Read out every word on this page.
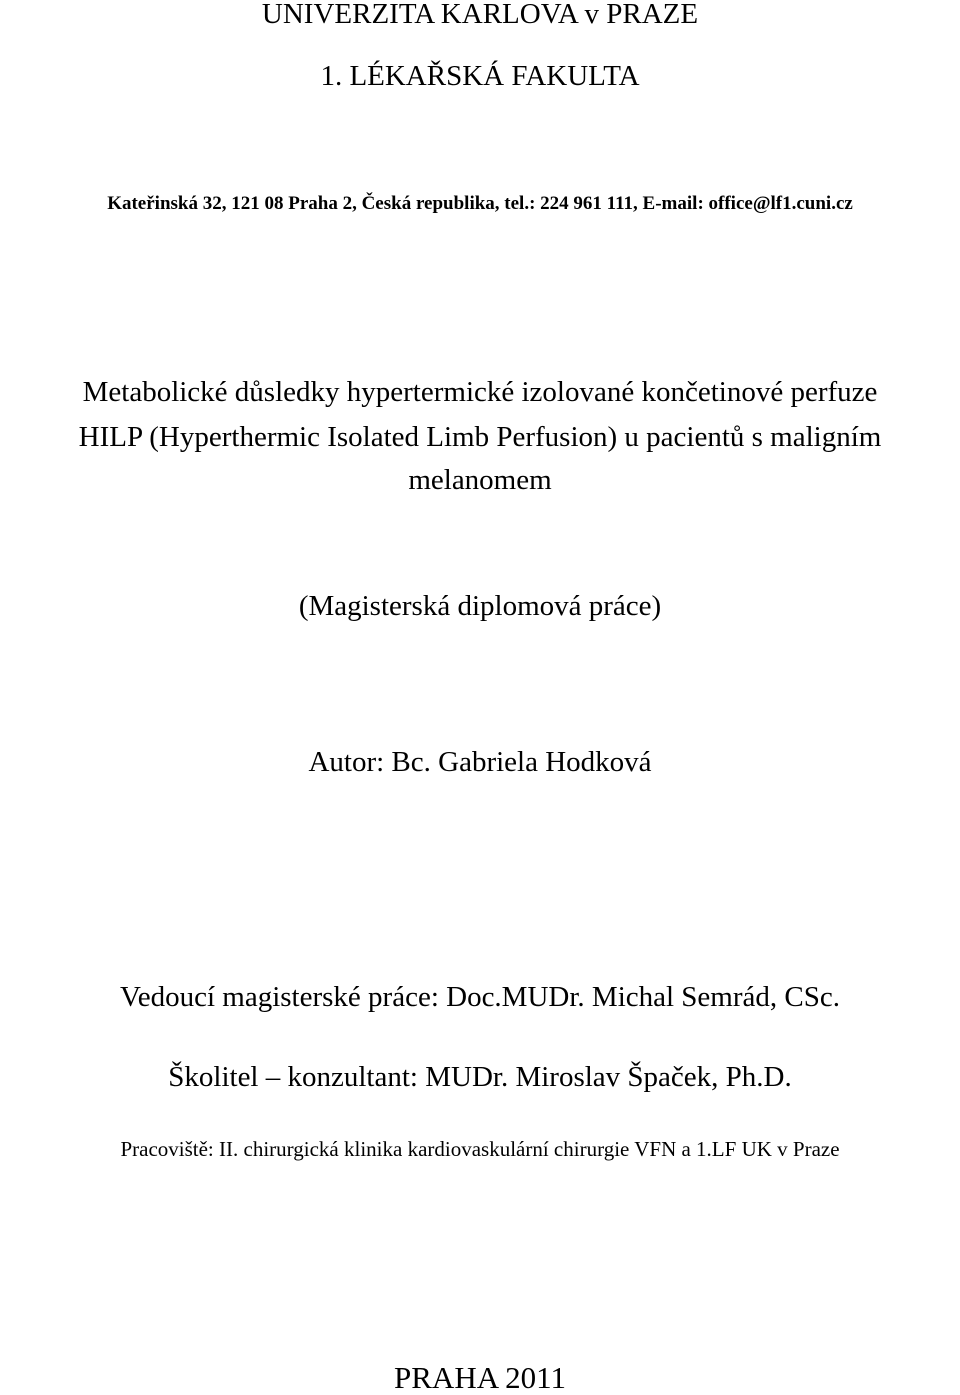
UNIVERZITA KARLOVA v PRAZE
1. LÉKAŘSKÁ FAKULTA

Kateřinská 32, 121 08 Praha 2, Česká republika, tel.: 224 961 111, E-mail: office@lf1.cuni.cz

Metabolické důsledky hypertermické izolované končetinové perfuze

HILP (Hyperthermic Isolated Limb Perfusion) u pacientů s maligním

melanomem

(Magisterská diplomová práce)

Autor: Bc. Gabriela Hodková

Vedoucí magisterské práce: Doc.MUDr. Michal Semrád, CSc.

Školitel – konzultant: MUDr. Miroslav Špaček, Ph.D.

Pracoviště: II. chirurgická klinika kardiovaskulární chirurgie VFN a 1.LF UK v Praze

PRAHA 2011
